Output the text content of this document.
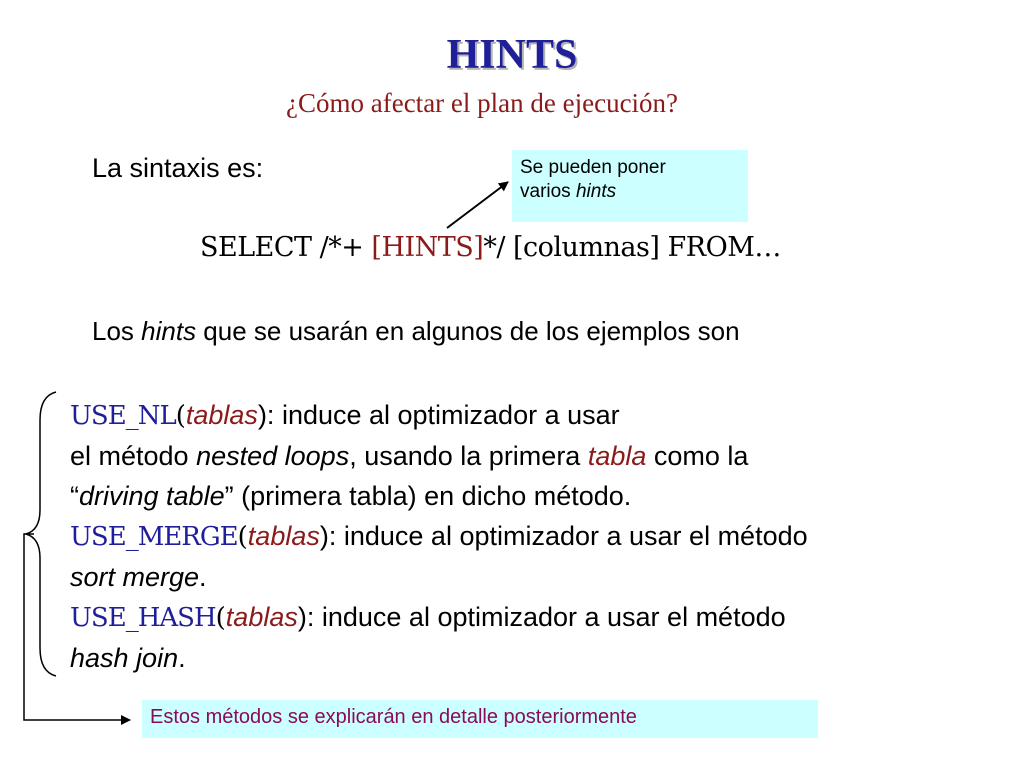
HINTS
¿Cómo afectar el plan de ejecución?
La sintaxis es:	Se pueden poner
varios hints
SELECT /*+ [HINTS]*/ [columnas] FROM…
Los hints que se usarán en algunos de los ejemplos son

USE_NL(tablas): induce al optimizador a usar

el método nested loops, usando la primera tabla como la

“driving table” (primera tabla) en dicho método.

USE_MERGE(tablas): induce al optimizador a usar el método

sort merge.

USE_HASH(tablas): induce al optimizador a usar el método

hash join.

Estos métodos se explicarán en detalle posteriormente
